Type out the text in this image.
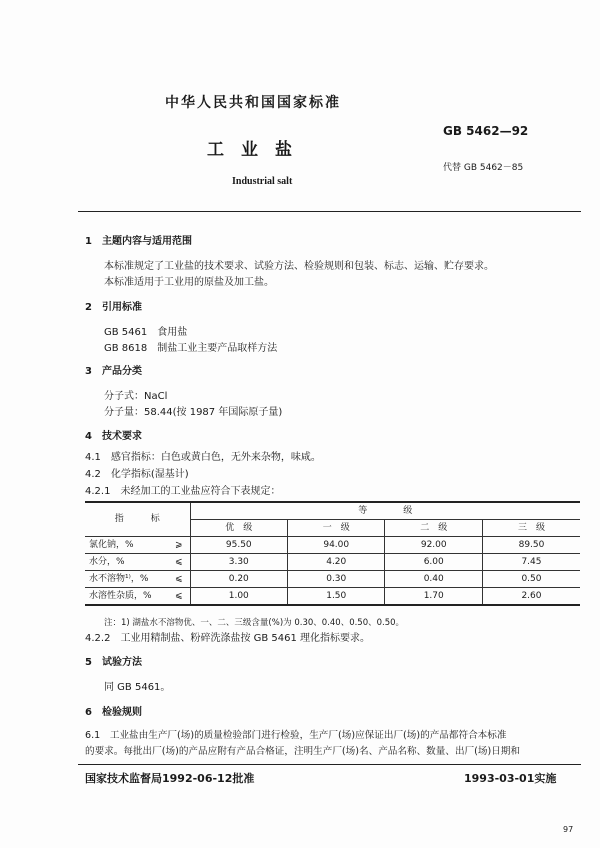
中华人民共和国国家标准
GB 5462—92
工　业　盐
代替 GB 5462－85
Industrial salt
1　主题内容与适用范围
本标准规定了工业盐的技术要求、试验方法、检验规则和包装、标志、运输、贮存要求。
本标准适用于工业用的原盐及加工盐。
2　引用标准
GB 5461　食用盐
GB 8618　制盐工业主要产品取样方法
3　产品分类
分子式：NaCl
分子量：58.44(按 1987 年国际原子量)
4　技术要求
4.1　感官指标：白色或黄白色，无外来杂物，味咸。
4.2　化学指标(湿基计)
4.2.1　未经加工的工业盐应符合下表规定：
指　　　标		等　　　　级			
		优　级	一　级	二　级	三　级
氯化钠，%	⩾	95.50	94.00	92.00	89.50
水分，%	⩽	3.30	4.20	6.00	7.45
水不溶物¹⁾，%	⩽	0.20	0.30	0.40	0.50
水溶性杂质，%	⩽	1.00	1.50	1.70	2.60
注：1) 湖盐水不溶物优、一、二、三级含量(%)为 0.30、0.40、0.50、0.50。
4.2.2　工业用精制盐、粉碎洗涤盐按 GB 5461 理化指标要求。
5　试验方法
同 GB 5461。
6　检验规则
6.1　工业盐由生产厂(场)的质量检验部门进行检验，生产厂(场)应保证出厂(场)的产品都符合本标准
的要求。每批出厂(场)的产品应附有产品合格证，注明生产厂(场)名、产品名称、数量、出厂(场)日期和
国家技术监督局1992-06-12批准	1993-03-01实施
97
